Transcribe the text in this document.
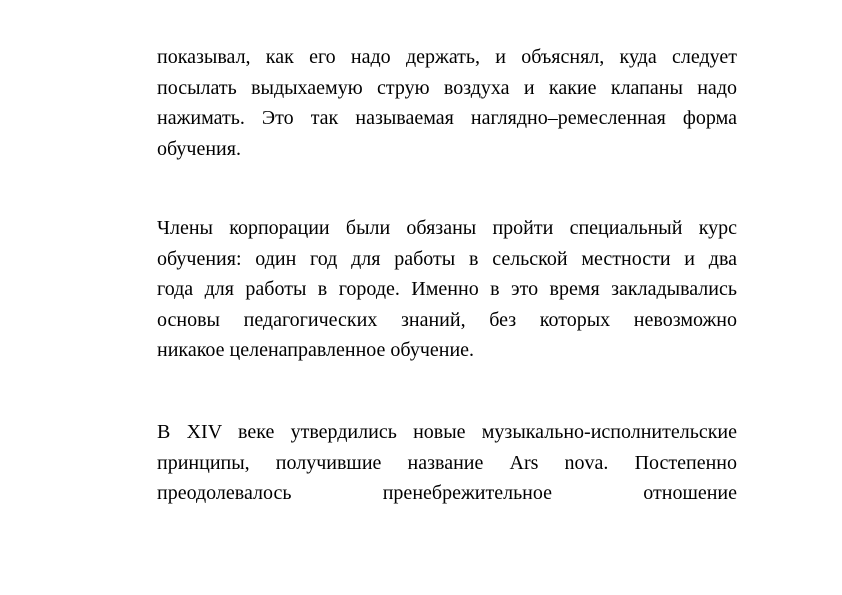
показывал, как его надо держать, и объяснял, куда следует
посылать выдыхаемую струю воздуха и какие клапаны надо
нажимать. Это так называемая наглядно–ремесленная форма
обучения.
Члены корпорации были обязаны пройти специальный курс
обучения: один год для работы в сельской местности и два
года для работы в городе. Именно в это время закладывались
основы педагогических знаний, без которых невозможно
никакое целенаправленное обучение.
В XIV веке утвердились новые музыкально-исполнительские
принципы, получившие название Ars nova. Постепенно
преодолевалось пренебрежительное отношение
